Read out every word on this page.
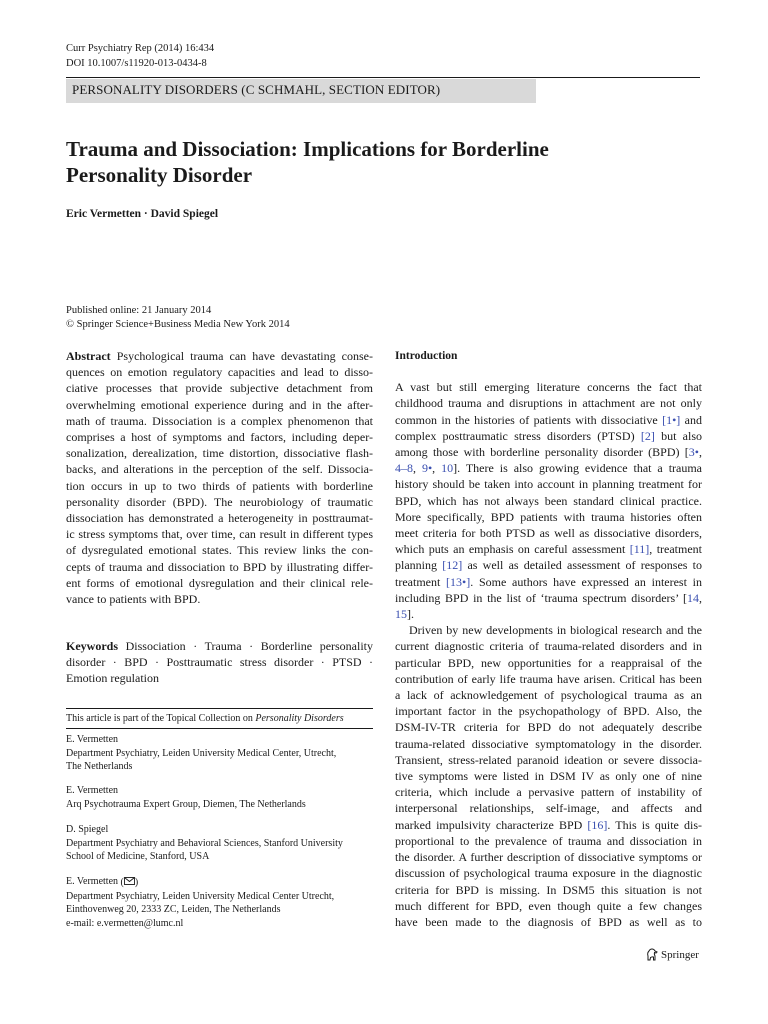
Curr Psychiatry Rep (2014) 16:434
DOI 10.1007/s11920-013-0434-8
PERSONALITY DISORDERS (C SCHMAHL, SECTION EDITOR)
Trauma and Dissociation: Implications for Borderline
Personality Disorder
Eric Vermetten · David Spiegel
Published online: 21 January 2014
© Springer Science+Business Media New York 2014
Abstract Psychological trauma can have devastating conse-
quences on emotion regulatory capacities and lead to disso-
ciative processes that provide subjective detachment from
overwhelming emotional experience during and in the after-
math of trauma. Dissociation is a complex phenomenon that
comprises a host of symptoms and factors, including deper-
sonalization, derealization, time distortion, dissociative flash-
backs, and alterations in the perception of the self. Dissocia-
tion occurs in up to two thirds of patients with borderline
personality disorder (BPD). The neurobiology of traumatic
dissociation has demonstrated a heterogeneity in posttraumat-
ic stress symptoms that, over time, can result in different types
of dysregulated emotional states. This review links the con-
cepts of trauma and dissociation to BPD by illustrating differ-
ent forms of emotional dysregulation and their clinical rele-
vance to patients with BPD.
Keywords Dissociation · Trauma · Borderline personality
disorder · BPD · Posttraumatic stress disorder · PTSD ·
Emotion regulation
This article is part of the Topical Collection on Personality Disorders
E. Vermetten
Department Psychiatry, Leiden University Medical Center, Utrecht,
The Netherlands
E. Vermetten
Arq Psychotrauma Expert Group, Diemen, The Netherlands
D. Spiegel
Department Psychiatry and Behavioral Sciences, Stanford University
School of Medicine, Stanford, USA
E. Vermetten ( )
Department Psychiatry, Leiden University Medical Center Utrecht,
Einthovenweg 20, 2333 ZC, Leiden, The Netherlands
e-mail: e.vermetten@lumc.nl
Introduction
A vast but still emerging literature concerns the fact that
childhood trauma and disruptions in attachment are not only
common in the histories of patients with dissociative [1•] and
complex posttraumatic stress disorders (PTSD) [2] but also
among those with borderline personality disorder (BPD) [3•,
4–8, 9•, 10]. There is also growing evidence that a trauma
history should be taken into account in planning treatment for
BPD, which has not always been standard clinical practice.
More specifically, BPD patients with trauma histories often
meet criteria for both PTSD as well as dissociative disorders,
which puts an emphasis on careful assessment [11], treatment
planning [12] as well as detailed assessment of responses to
treatment [13•]. Some authors have expressed an interest in
including BPD in the list of ‘trauma spectrum disorders’ [14,
15].
Driven by new developments in biological research and the
current diagnostic criteria of trauma-related disorders and in
particular BPD, new opportunities for a reappraisal of the
contribution of early life trauma have arisen. Critical has been
a lack of acknowledgement of psychological trauma as an
important factor in the psychopathology of BPD. Also, the
DSM-IV-TR criteria for BPD do not adequately describe
trauma-related dissociative symptomatology in the disorder.
Transient, stress-related paranoid ideation or severe dissocia-
tive symptoms were listed in DSM IV as only one of nine
criteria, which include a pervasive pattern of instability of
interpersonal relationships, self-image, and affects and
marked impulsivity characterize BPD [16]. This is quite dis-
proportional to the prevalence of trauma and dissociation in
the disorder. A further description of dissociative symptoms or
discussion of psychological trauma exposure in the diagnostic
criteria for BPD is missing. In DSM5 this situation is not
much different for BPD, even though quite a few changes
have been made to the diagnosis of BPD as well as to
Springer
